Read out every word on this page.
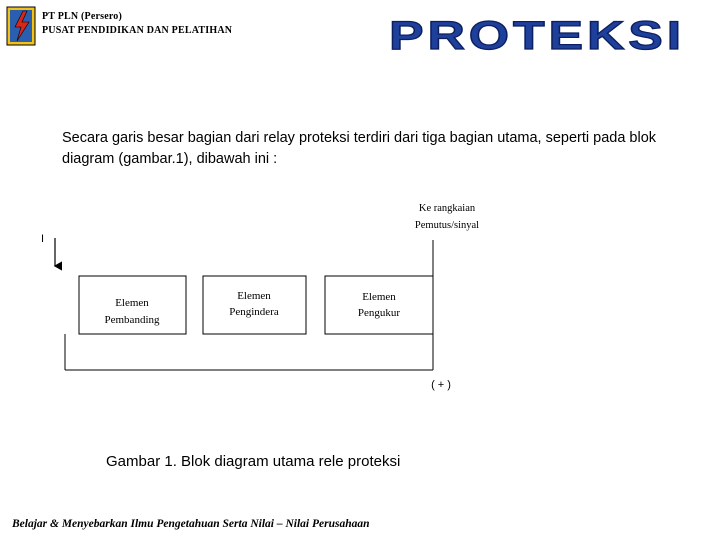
PT PLN (Persero)
PUSAT PENDIDIKAN DAN PELATIHAN	PROTEKSI
Secara garis besar bagian dari relay proteksi terdiri dari tiga bagian utama, seperti pada blok diagram (gambar.1), dibawah ini :
I
Ke rangkaian
Pemutus/sinyal
Elemen
Pembanding
Elemen
Pengindera
Elemen
Pengukur
( + )
Gambar 1. Blok diagram utama rele proteksi
Belajar & Menyebarkan Ilmu Pengetahuan Serta Nilai – Nilai Perusahaan
